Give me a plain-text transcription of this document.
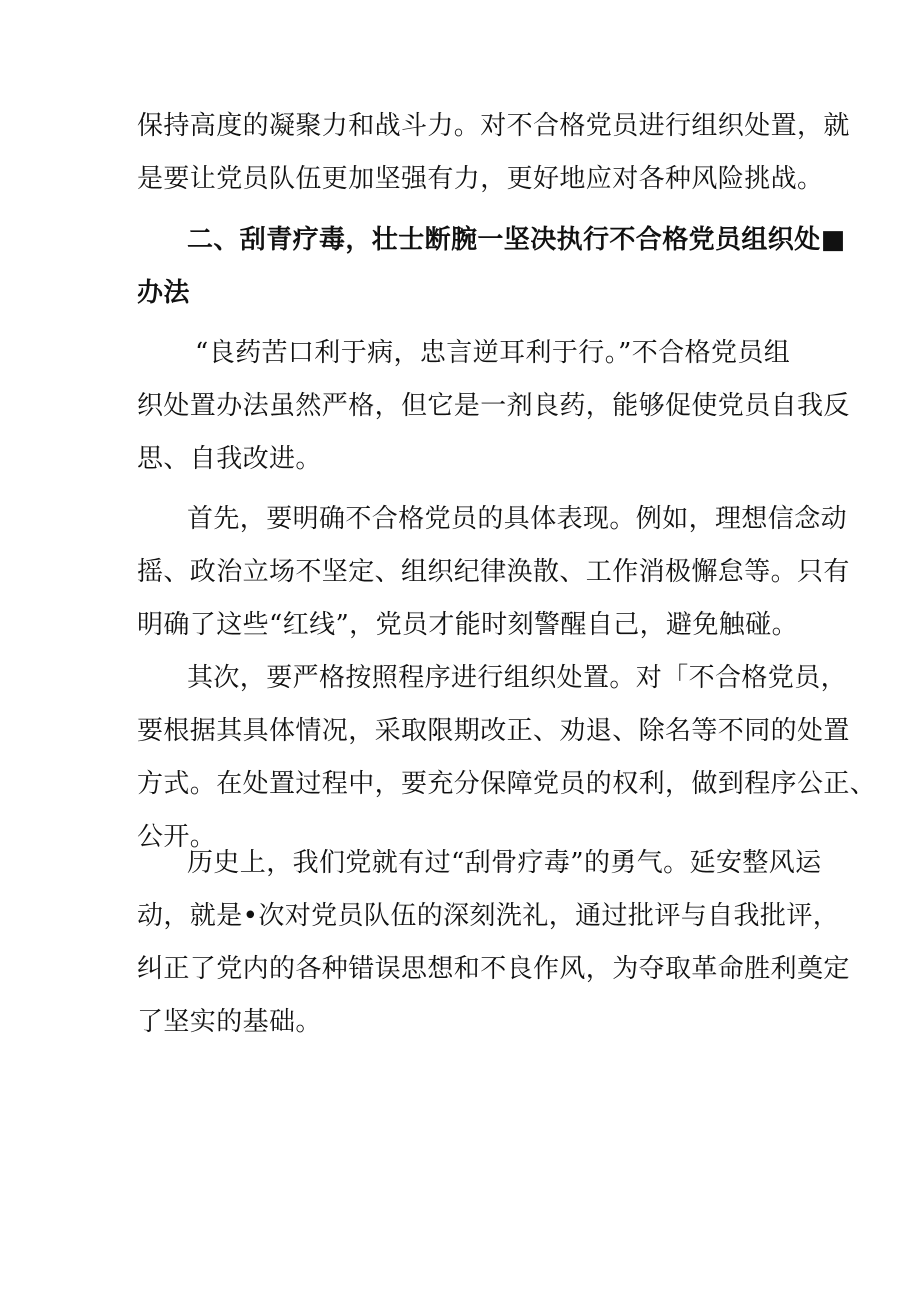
保持高度的凝聚力和战斗力。对不合格党员进行组织处置，就
是要让党员队伍更加坚强有力，更好地应对各种风险挑战。
二、刮青疗毒，壮士断腕一坚决执行不合格党员组织处■
办法
“良药苦口利于病，忠言逆耳利于行。”不合格党员组
织处置办法虽然严格，但它是一剂良药，能够促使党员自我反
思、自我改进。
首先，要明确不合格党员的具体表现。例如，理想信念动
摇、政治立场不坚定、组织纪律涣散、工作消极懈怠等。只有
明确了这些“红线”，党员才能时刻警醒自己，避免触碰。
其次，要严格按照程序进行组织处置。对「不合格党员，
要根据其具体情况，采取限期改正、劝退、除名等不同的处置
方式。在处置过程中，要充分保障党员的权利，做到程序公正、
公开。
历史上，我们党就有过“刮骨疗毒”的勇气。延安整风运
动，就是•次对党员队伍的深刻洗礼，通过批评与自我批评，
纠正了党内的各种错误思想和不良作风，为夺取革命胜利奠定
了坚实的基础。
